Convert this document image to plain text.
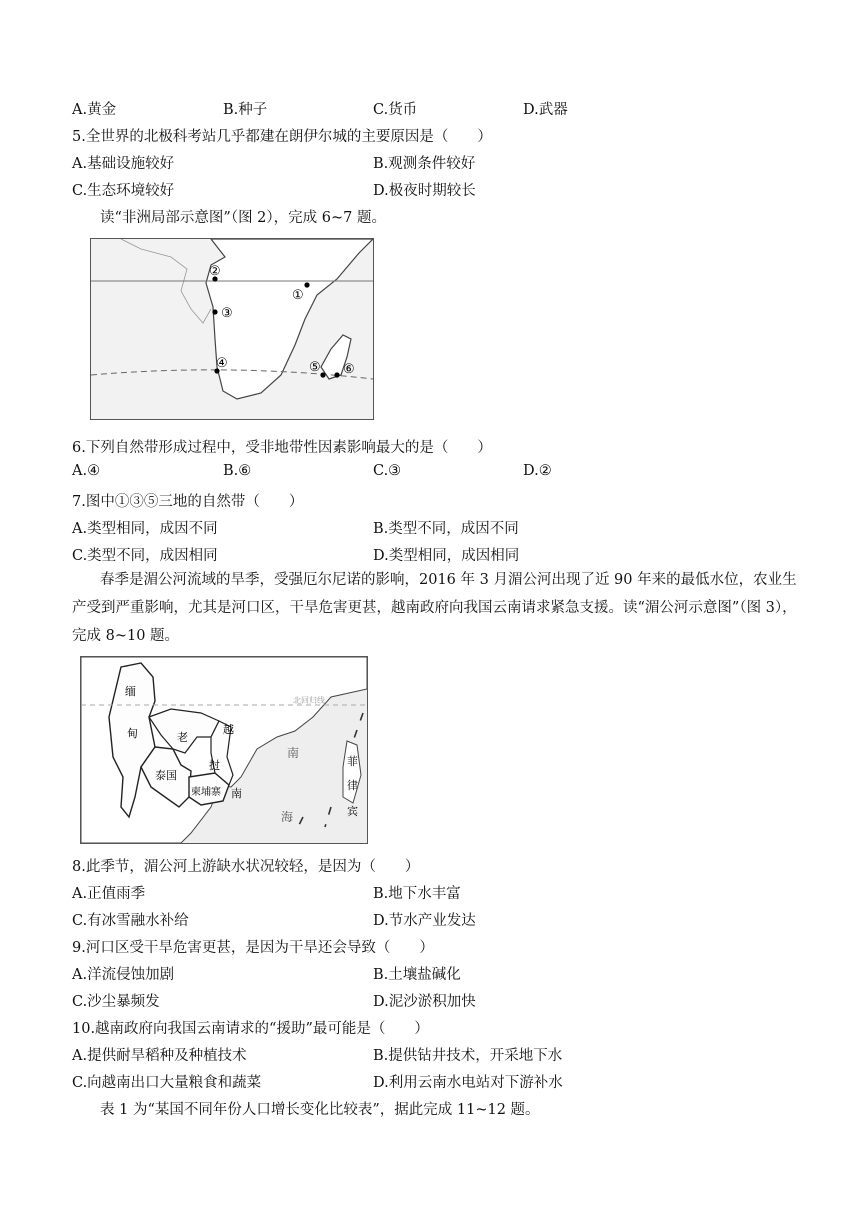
A.黄金	B.种子	C.货币	D.武器
5.全世界的北极科考站几乎都建在朗伊尔城的主要原因是（　　）
A.基础设施较好	B.观测条件较好
C.生态环境较好	D.极夜时期较长
读“非洲局部示意图”（图 2），完成 6~7 题。
②
①
③
④	⑤ ⑥
6.下列自然带形成过程中，受非地带性因素影响最大的是（　　）
A.④	B.⑥	C.③	D.②
7.图中①③⑤三地的自然带（　　）
A.类型相同，成因不同	B.类型不同，成因不同
C.类型不同，成因相同	D.类型相同，成因相同
春季是湄公河流域的旱季，受强厄尔尼诺的影响，2016 年 3 月湄公河出现了近 90 年来的最低水位，农业生产受到严重影响，尤其是河口区，干旱危害更甚，越南政府向我国云南请求紧急支援。读“湄公河示意图”（图 3），完成 8~10 题。
缅
甸	老
挝
越
南
泰国
柬埔寨
南
海
菲
律
宾
北回归线
8.此季节，湄公河上游缺水状况较轻，是因为（　　）
A.正值雨季	B.地下水丰富
C.有冰雪融水补给	D.节水产业发达
9.河口区受干旱危害更甚，是因为干旱还会导致（　　）
A.洋流侵蚀加剧	B.土壤盐碱化
C.沙尘暴频发	D.泥沙淤积加快
10.越南政府向我国云南请求的“援助”最可能是（　　）
A.提供耐旱稻种及种植技术	B.提供钻井技术，开采地下水
C.向越南出口大量粮食和蔬菜	D.利用云南水电站对下游补水
表 1 为“某国不同年份人口增长变化比较表”，据此完成 11~12 题。
